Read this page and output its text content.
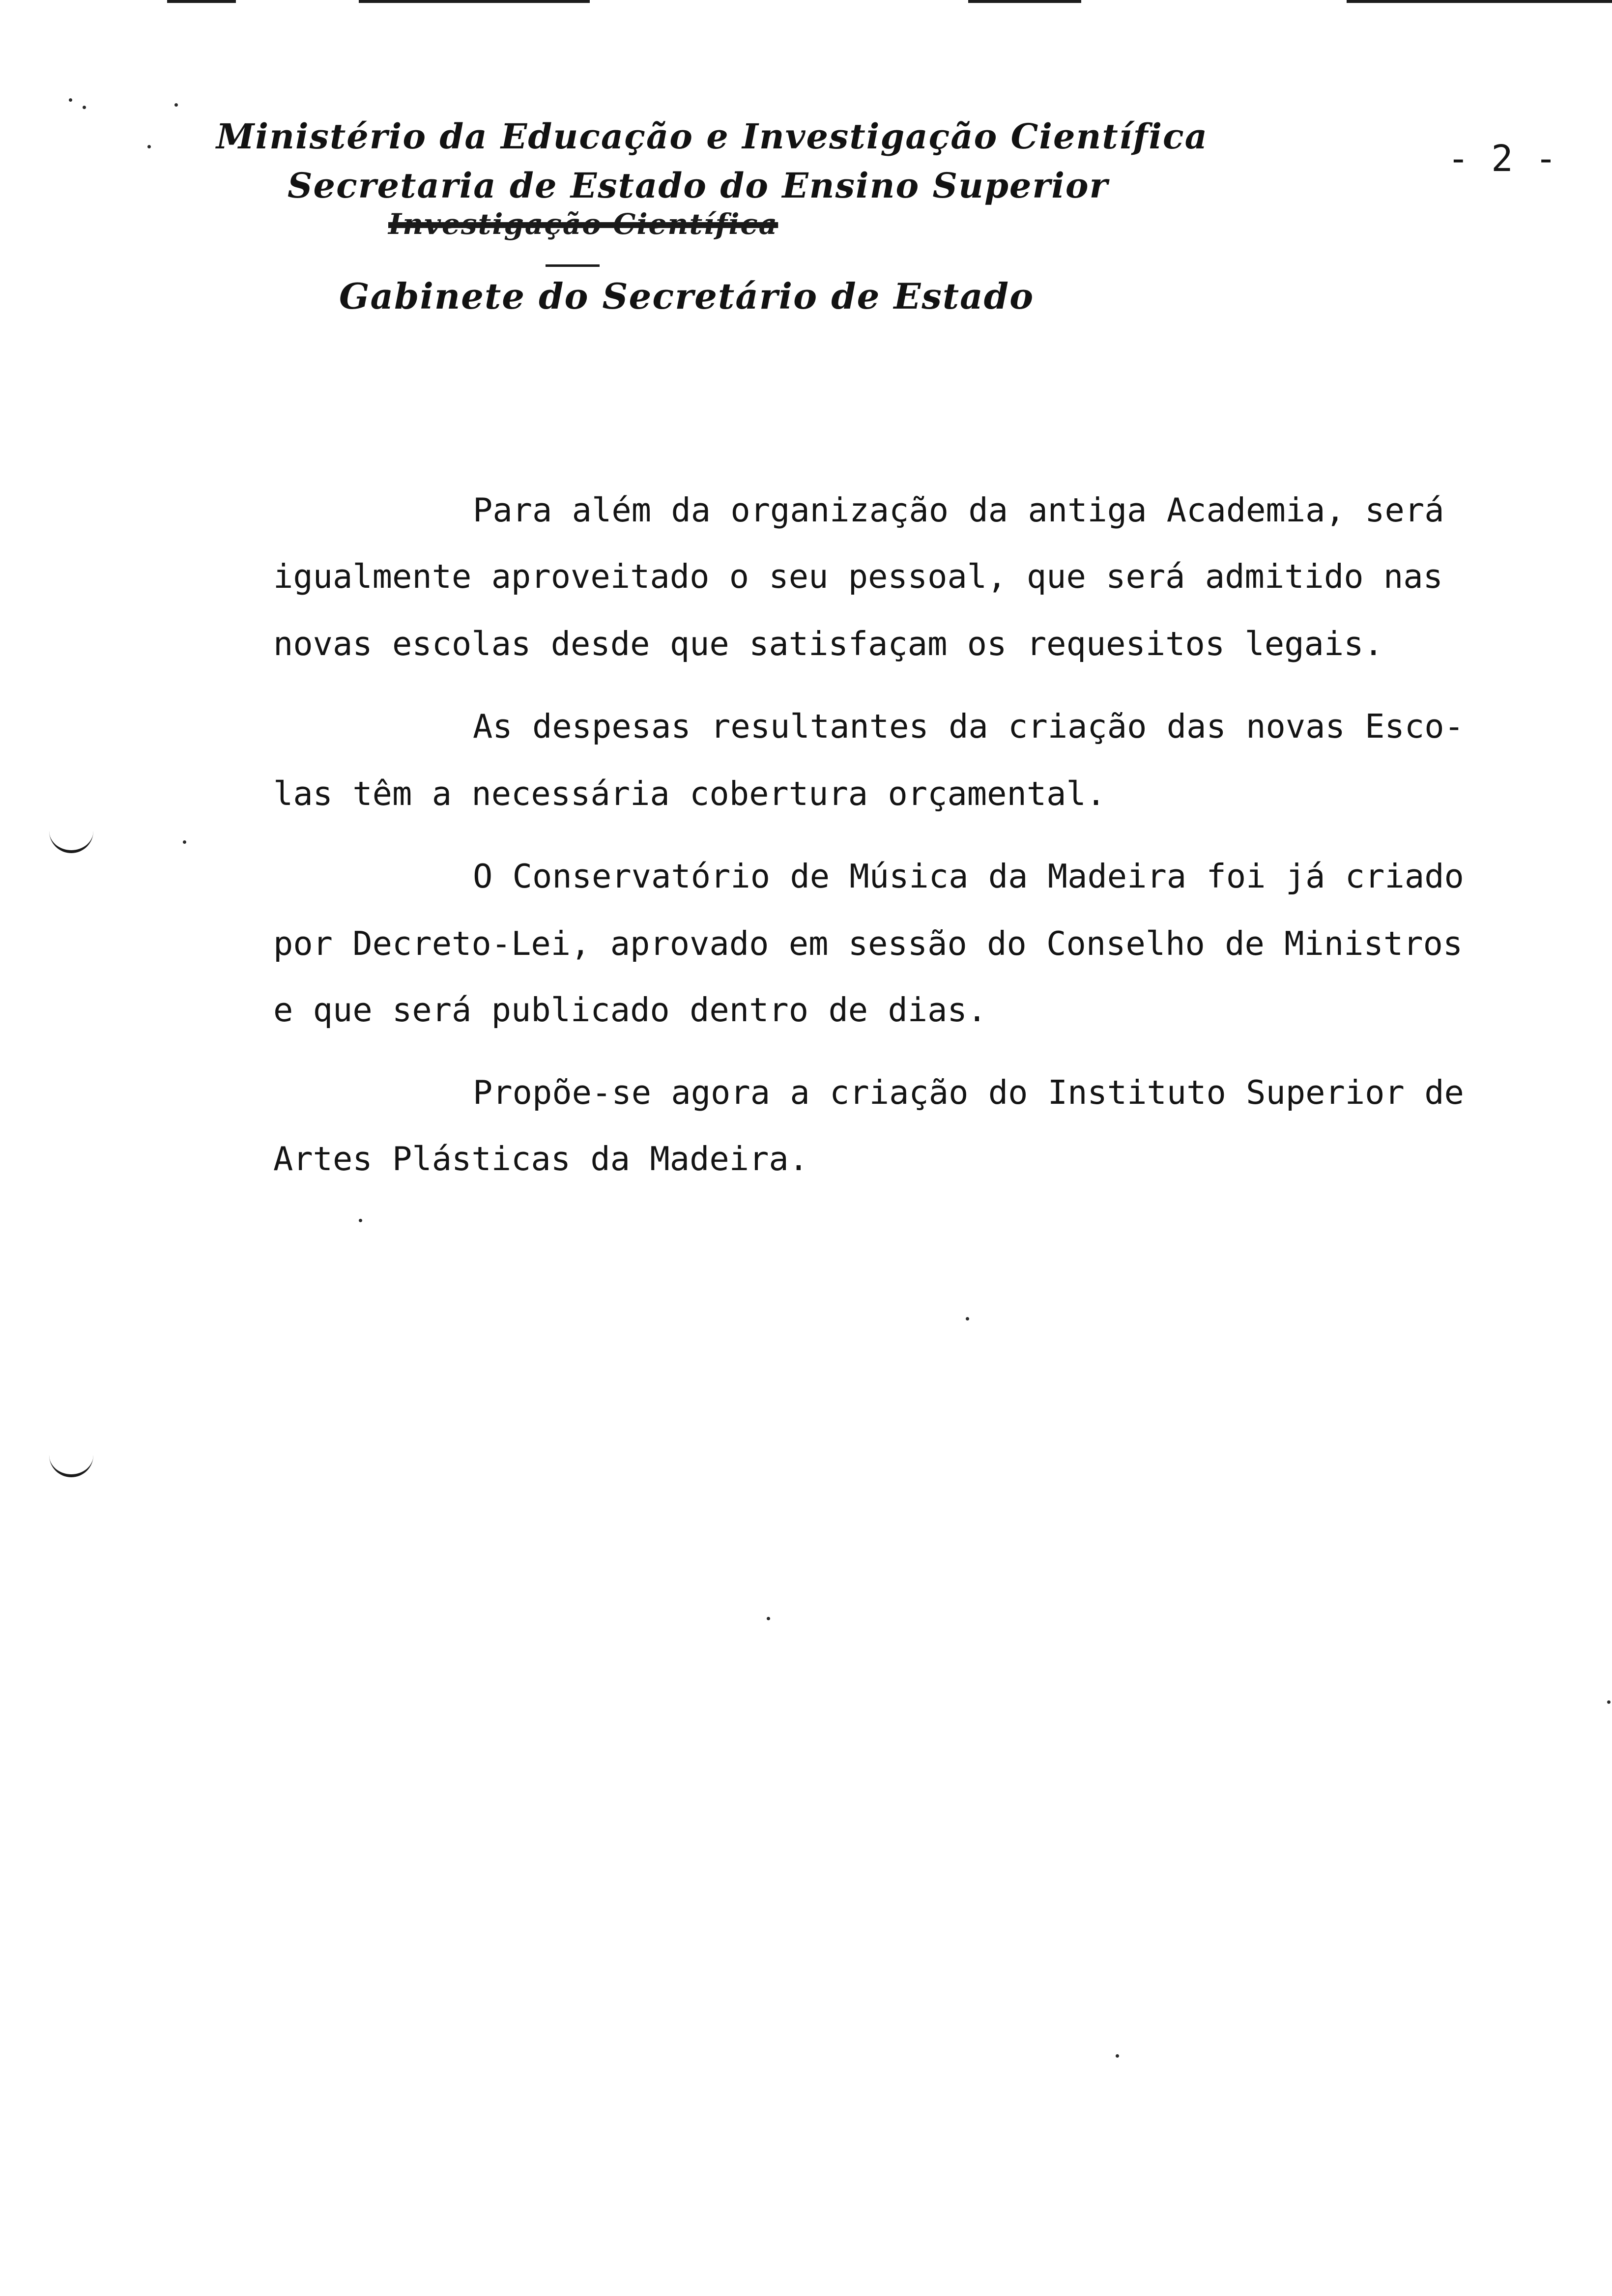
Ministério da Educação e Investigação Científica
Secretaria de Estado do Ensino Superior
Investigação Científica
Gabinete do Secretário de Estado
- 2 -
Para além da organização da antiga Academia, será
igualmente aproveitado o seu pessoal, que será admitido nas
novas escolas desde que satisfaçam os requesitos legais.
As despesas resultantes da criação das novas Esco-
las têm a necessária cobertura orçamental.
O Conservatório de Música da Madeira foi já criado
por Decreto-Lei, aprovado em sessão do Conselho de Ministros
e que será publicado dentro de dias.
Propõe-se agora a criação do Instituto Superior de
Artes Plásticas da Madeira.
